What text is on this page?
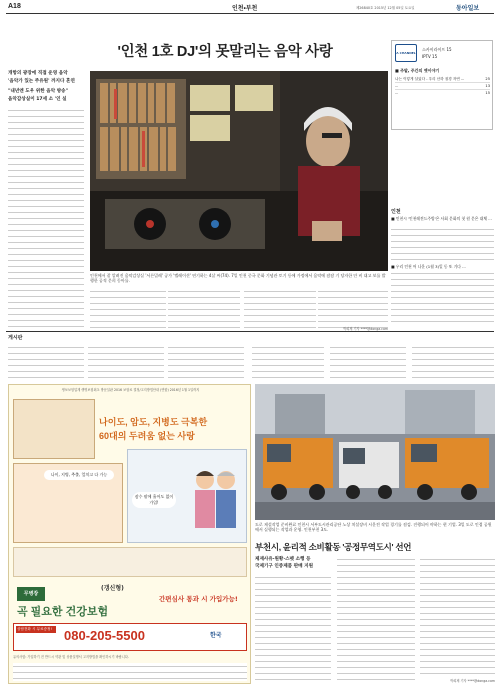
A18	인천•부천	제26840호 2015년 12월 05일 토요일	동아일보
'인천 1호 DJ'의 못말리는 음악 사랑	A CHANNEL
스카이라이프 15
IPTV 15
■ 주말, 주간의 옛이야기
나는 이렇게 살았다 - 우리 산하 절경 자연 ...	25
...	13
...	15
개항의 광장에 직접 운영 음악
'음악가 있는 주유원' 까지다 혼연
"내년엔 도우 위한 음악 방송"
음악감상실이 17세 소 '인 실
인천에서 잘 알려진 음악감상실 '서른밀레' 공가 '엘레이션' 연기하는 4살 씨(74). 7일 인천 중국 문화 기념관 토기 등에 가정에서 음악에 잠잠 기 당자한 안 비 대고 보를 발행한 공적 문희 동아를.
인천
■ 인천시 '인천레전드주방'은 사회 문화의 첫 원 문은 대체 ...
■ 우리 인천 어 나운 (1월 3)일 동 또 기다 ...
게시판
생보보험업계 생명보험최초 방문설판 2016 보험료 결정/고지방법안내 (연합) 2016년 1월 1일까지
나이도, 암도, 지병도 극복한
60대의 두려움 없는 사랑
나이, 지병, 추출, 엎치고 다 가능
잠수 팔에 흘어도 없이 가입!
무병장
(갱신형)
곡 필요한 건강보험
간편심사 통과 시 가입가능!
상담전화 시 무료증정! 080-205-5500	한국
유의사항: 가입하기 전 반드시 약관 및 상품설명서 고지방법을 확인하시기 바랍니다.
도로 제설작업 준비완료 인천시 서부도시관리공단 노상 치설장비 시운전 작업 경기를 점검. 진행되어 야하는 현 기업. 3일 도로 인접 공원에서 실행되는 작업과 운영. 인천부천 3도.
부천시, 윤리적 소비활동 '공정무역도시' 선언
제재사유·원황·스펫 소행 등
국제기구 인증제품 판매 지원
박희제 기자 ****@donga.com
박희제 기자 ****@donga.com
